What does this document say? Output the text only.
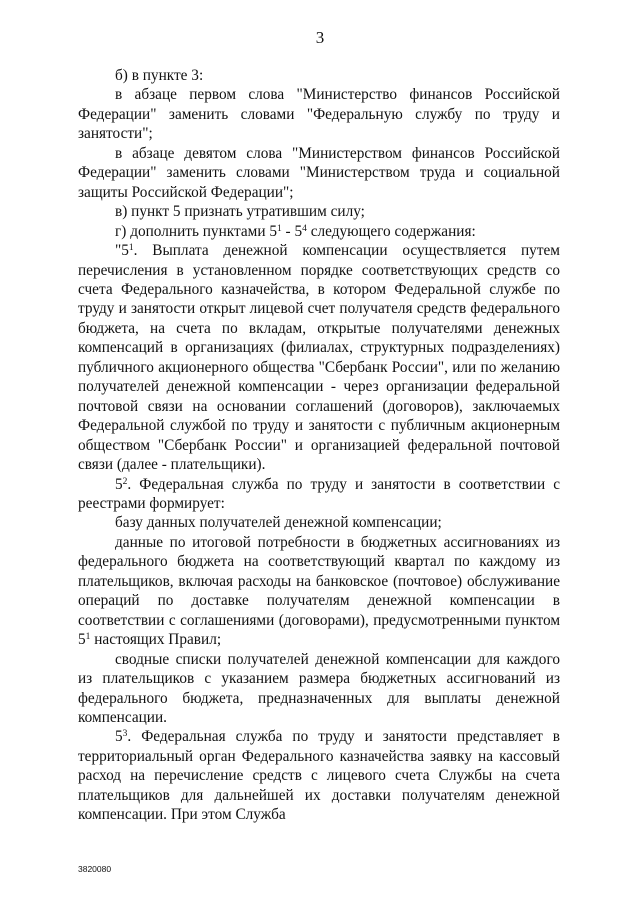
3

б) в пункте 3:

в абзаце первом слова "Министерство финансов Российской Федерации" заменить словами "Федеральную службу по труду и занятости";

в абзаце девятом слова "Министерством финансов Российской Федерации" заменить словами "Министерством труда и социальной защиты Российской Федерации";

в) пункт 5 признать утратившим силу;

г) дополнить пунктами $5^1 - 5^4$ следующего содержания:

"$5^1$. Выплата денежной компенсации осуществляется путем перечисления в установленном порядке соответствующих средств со счета Федерального казначейства, в котором Федеральной службе по труду и занятости открыт лицевой счет получателя средств федерального бюджета, на счета по вкладам, открытые получателями денежных компенсаций в организациях (филиалах, структурных подразделениях) публичного акционерного общества "Сбербанк России", или по желанию получателей денежной компенсации - через организации федеральной почтовой связи на основании соглашений (договоров), заключаемых Федеральной службой по труду и занятости с публичным акционерным обществом "Сбербанк России" и организацией федеральной почтовой связи (далее - плательщики).

$5^2$. Федеральная служба по труду и занятости в соответствии с реестрами формирует:

базу данных получателей денежной компенсации;

данные по итоговой потребности в бюджетных ассигнованиях из федерального бюджета на соответствующий квартал по каждому из плательщиков, включая расходы на банковское (почтовое) обслуживание операций по доставке получателям денежной компенсации в соответствии с соглашениями (договорами), предусмотренными пунктом $5^1$ настоящих Правил;

сводные списки получателей денежной компенсации для каждого из плательщиков с указанием размера бюджетных ассигнований из федерального бюджета, предназначенных для выплаты денежной компенсации.

$5^3$. Федеральная служба по труду и занятости представляет в территориальный орган Федерального казначейства заявку на кассовый расход на перечисление средств с лицевого счета Службы на счета плательщиков для дальнейшей их доставки получателям денежной компенсации. При этом Служба

3820080
